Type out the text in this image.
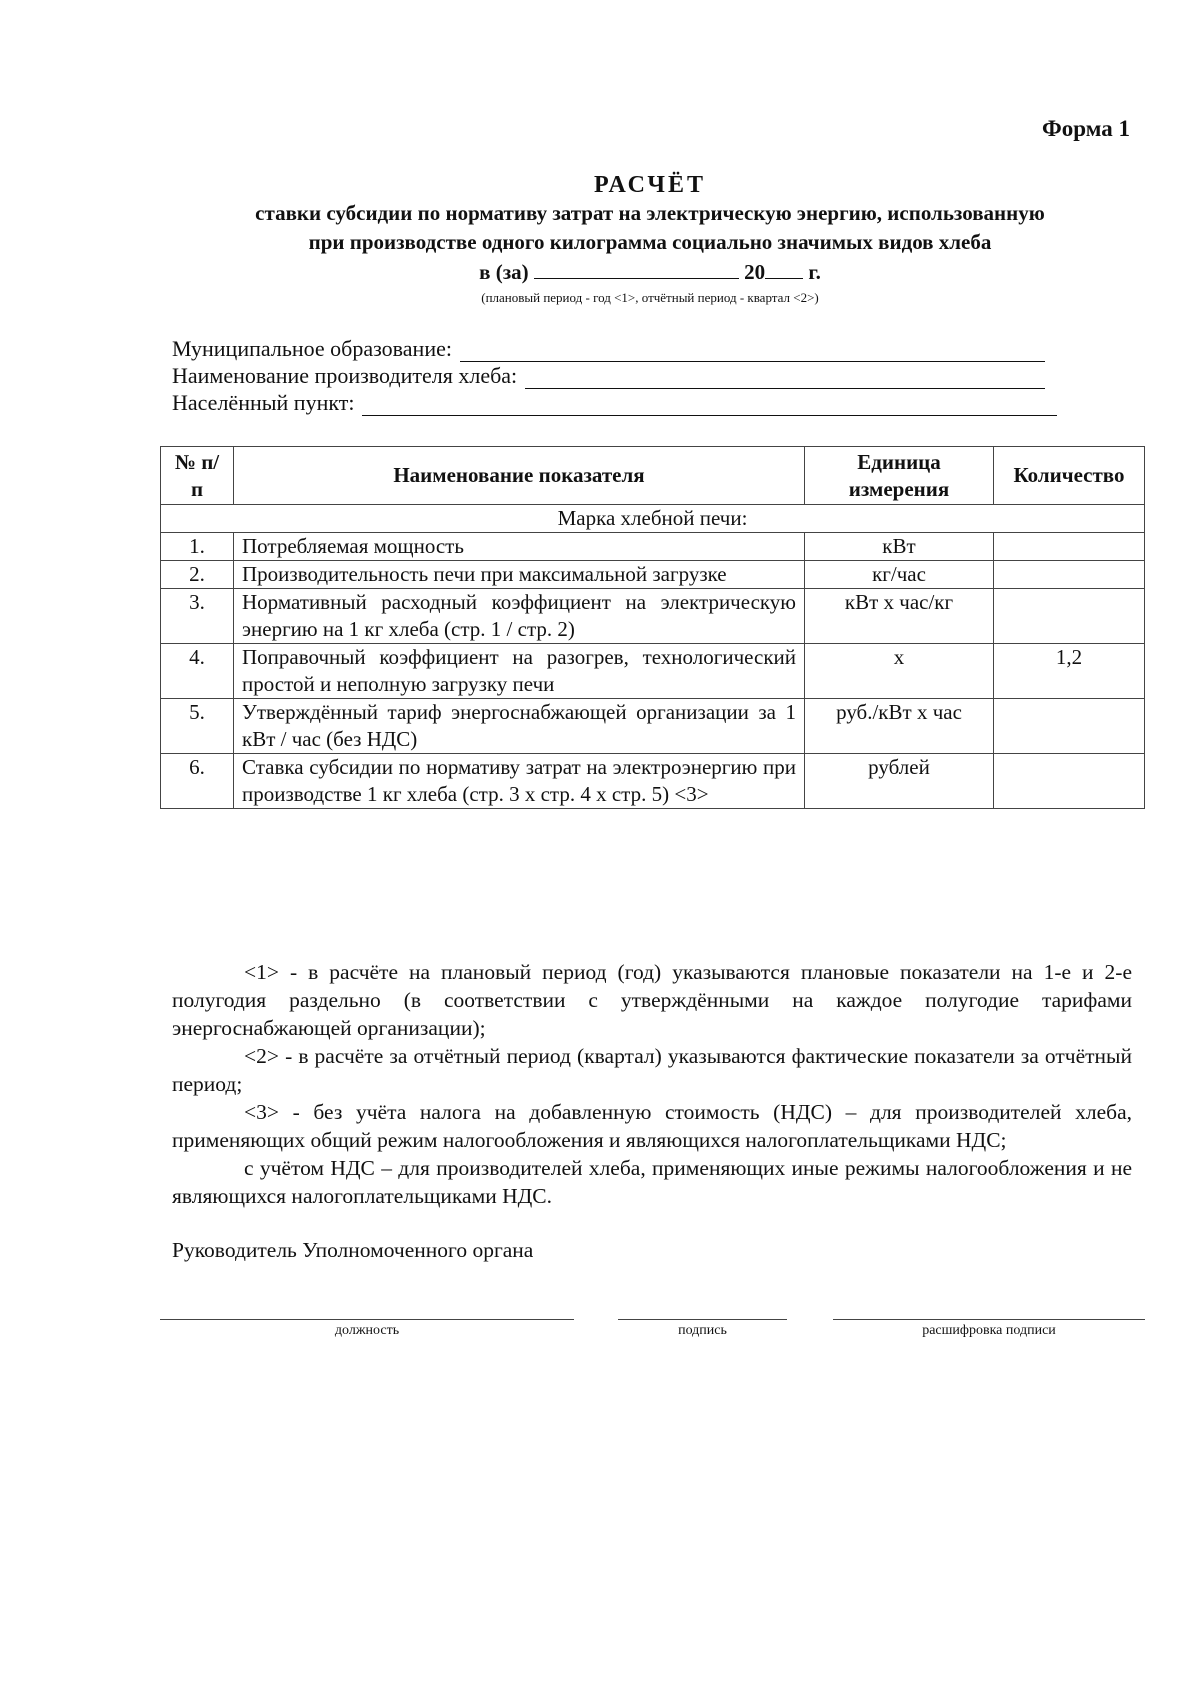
Форма 1
РАСЧЁТ
ставки субсидии по нормативу затрат на электрическую энергию, использованную
при производстве одного килограмма социально значимых видов хлеба
в (за)	20 г.
(плановый период - год <1>, отчётный период - квартал <2>)
Муниципальное образование:
Наименование производителя хлеба:
Населённый пункт:
№ п/п	Наименование показателя	Единица измерения	Количество
Марка хлебной печи:			
1.	Потребляемая мощность	кВт	
2.	Производительность печи при максимальной загрузке	кг/час	
3.	Нормативный расходный коэффициент на электрическую энергию на 1 кг хлеба (стр. 1 / стр. 2)	кВт х час/кг	
4.	Поправочный коэффициент на разогрев, технологический простой и неполную загрузку печи	х	1,2
5.	Утверждённый тариф энергоснабжающей организации за 1 кВт / час (без НДС)	руб./кВт х час	
6.	Ставка субсидии по нормативу затрат на электроэнергию при производстве 1 кг хлеба (стр. 3 х стр. 4 х стр. 5) <3>	рублей	

<1> - в расчёте на плановый период (год) указываются плановые показатели на 1-е и 2-е полугодия раздельно (в соответствии с утверждёнными на каждое полугодие тарифами энергоснабжающей организации);

<2> - в расчёте за отчётный период (квартал) указываются фактические показатели за отчётный период;

<3> - без учёта налога на добавленную стоимость (НДС) – для производителей хлеба, применяющих общий режим налогообложения и являющихся налогоплательщиками НДС;

с учётом НДС – для производителей хлеба, применяющих иные режимы налогообложения и не являющихся налогоплательщиками НДС.

Руководитель Уполномоченного органа
должность	подпись	расшифровка подписи
